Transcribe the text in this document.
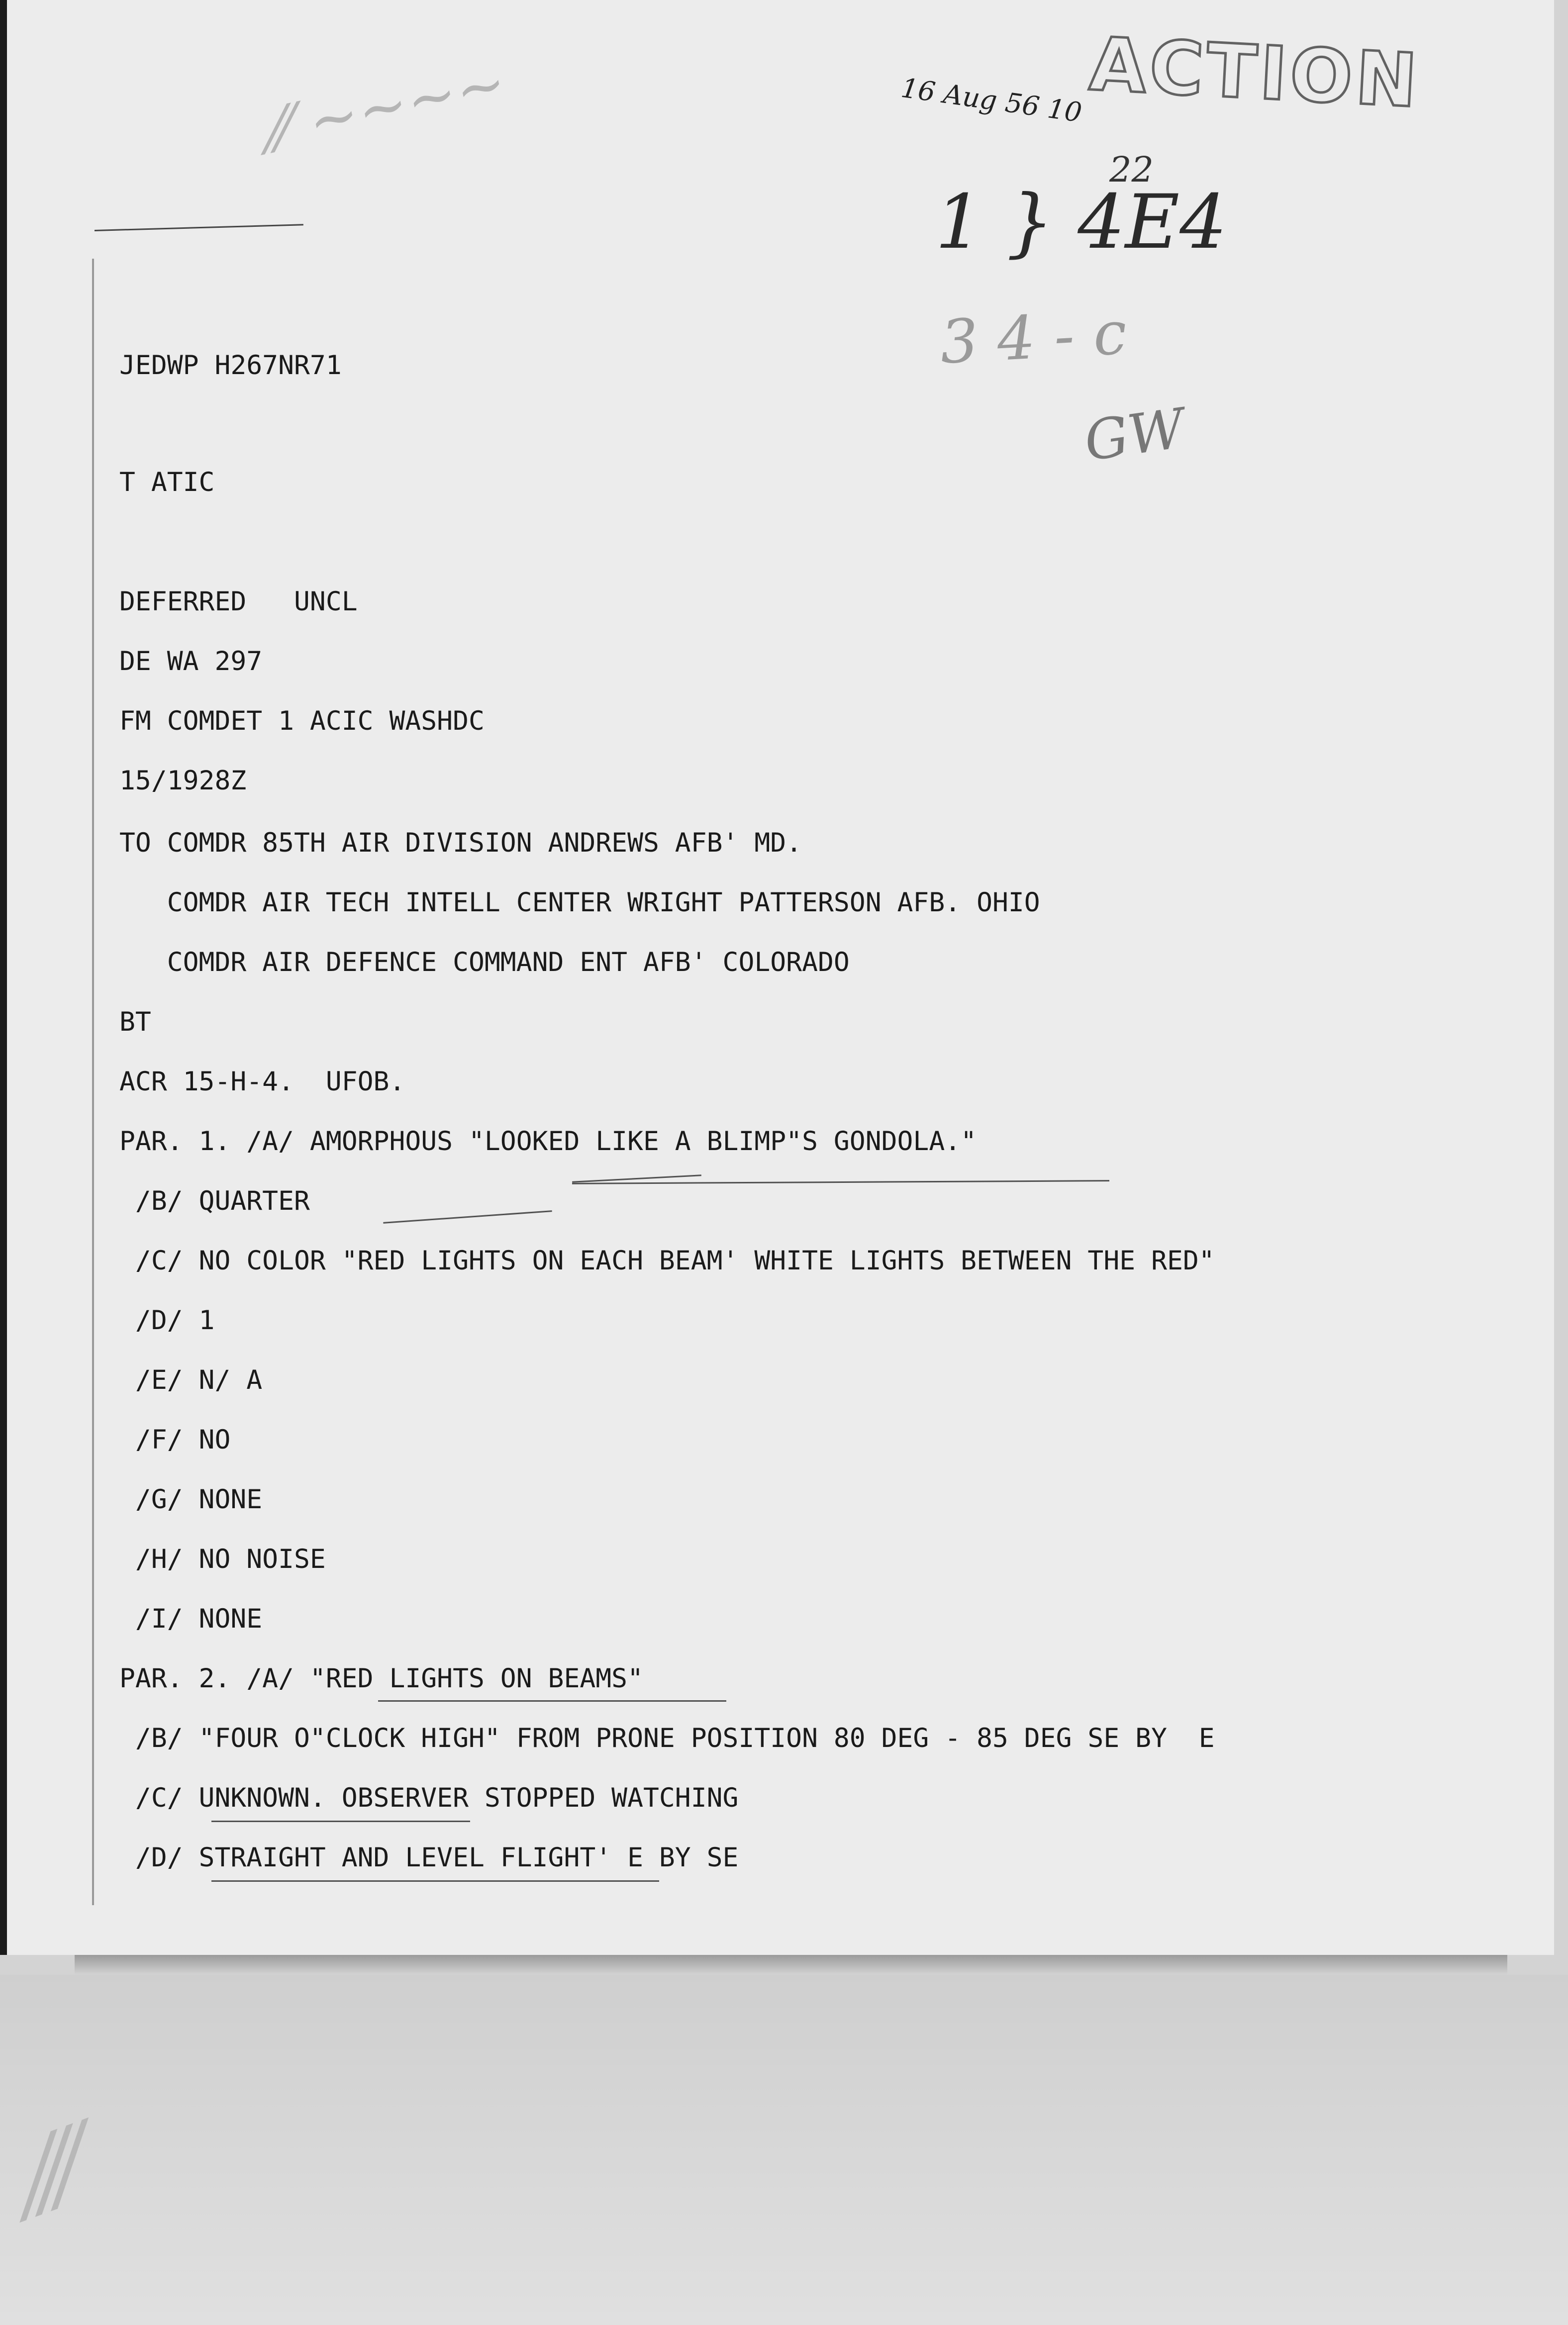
⁄⁄ ∼∼∼∼
⁄⁄⁄
ACTION
16 Aug 56 10
22
1 } 4E4
3 4 - c
GW
JEDWP H267NR71
T ATIC
DEFERRED   UNCL
DE WA 297
FM COMDET 1 ACIC WASHDC
15/1928Z
TO COMDR 85TH AIR DIVISION ANDREWS AFB' MD.
COMDR AIR TECH INTELL CENTER WRIGHT PATTERSON AFB. OHIO
COMDR AIR DEFENCE COMMAND ENT AFB' COLORADO
BT
ACR 15-H-4.  UFOB.
PAR. 1. /A/ AMORPHOUS "LOOKED LIKE A BLIMP"S GONDOLA."
/B/ QUARTER
/C/ NO COLOR "RED LIGHTS ON EACH BEAM' WHITE LIGHTS BETWEEN THE RED"
/D/ 1
/E/ N/ A
/F/ NO
/G/ NONE
/H/ NO NOISE
/I/ NONE
PAR. 2. /A/ "RED LIGHTS ON BEAMS"
/B/ "FOUR O"CLOCK HIGH" FROM PRONE POSITION 80 DEG - 85 DEG SE BY  E
/C/ UNKNOWN. OBSERVER STOPPED WATCHING
/D/ STRAIGHT AND LEVEL FLIGHT' E BY SE
